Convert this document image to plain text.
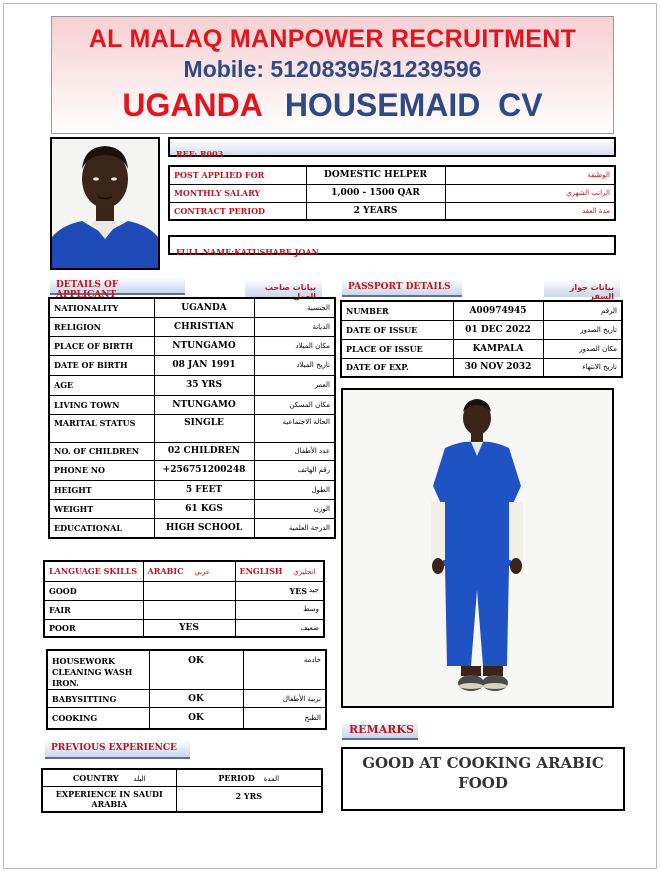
AL MALAQ MANPOWER RECRUITMENT
Mobile: 51208395/31239596
UGANDA HOUSEMAID  CV
REF: R003
POST APPLIED FOR	DOMESTIC HELPER	الوظيفة
MONTHLY SALARY	1,000 - 1500 QAR	الراتب الشهري
CONTRACT PERIOD	2 YEARS	مدة العقد
FULL NAME:KATUSHABE JOAN
DETAILS OF APPLICANT
بيانات صاحب العمل
NATIONALITY	UGANDA	الجنسية
RELIGION	CHRISTIAN	الديانة
PLACE OF BIRTH	NTUNGAMO	مكان الميلاد
DATE OF BIRTH	08 JAN 1991	تاريخ الميلاد
AGE	35 YRS	العمر
LIVING TOWN	NTUNGAMO	مكان المسكن
MARITAL STATUS	SINGLE	الحالة الاجتماعية
NO. OF CHILDREN	02 CHILDREN	عدد الأطفال
PHONE NO	+256751200248	رقم الهاتف
HEIGHT	5 FEET	الطول
WEIGHT	61 KGS	الوزن
EDUCATIONAL	HIGH SCHOOL	الدرجة العلمية
PASSPORT DETAILS	بيانات جواز السفر
NUMBER	A00974945	الرقم
DATE OF ISSUE	01 DEC 2022	تاريخ الصدور
PLACE OF ISSUE	KAMPALA	مكان الصدور
DATE OF EXP.	30 NOV 2032	تاريخ الانتهاء
LANGUAGE SKILLS	ARABIC عربي	ENGLISH انجليزي
GOOD		YES جيد

FAIR		وسط

POOR	YES	ضعيف
HOUSEWORK CLEANING WASH IRON.	OK	خادمة
BABYSITTING	OK	تربية الأطفال
COOKING	OK	الطبخ
PREVIOUS EXPERIENCE
COUNTRY البلد	PERIOD المدة
EXPERIENCE IN SAUDI ARABIA	2 YRS
REMARKS
GOOD AT COOKING ARABIC FOOD
